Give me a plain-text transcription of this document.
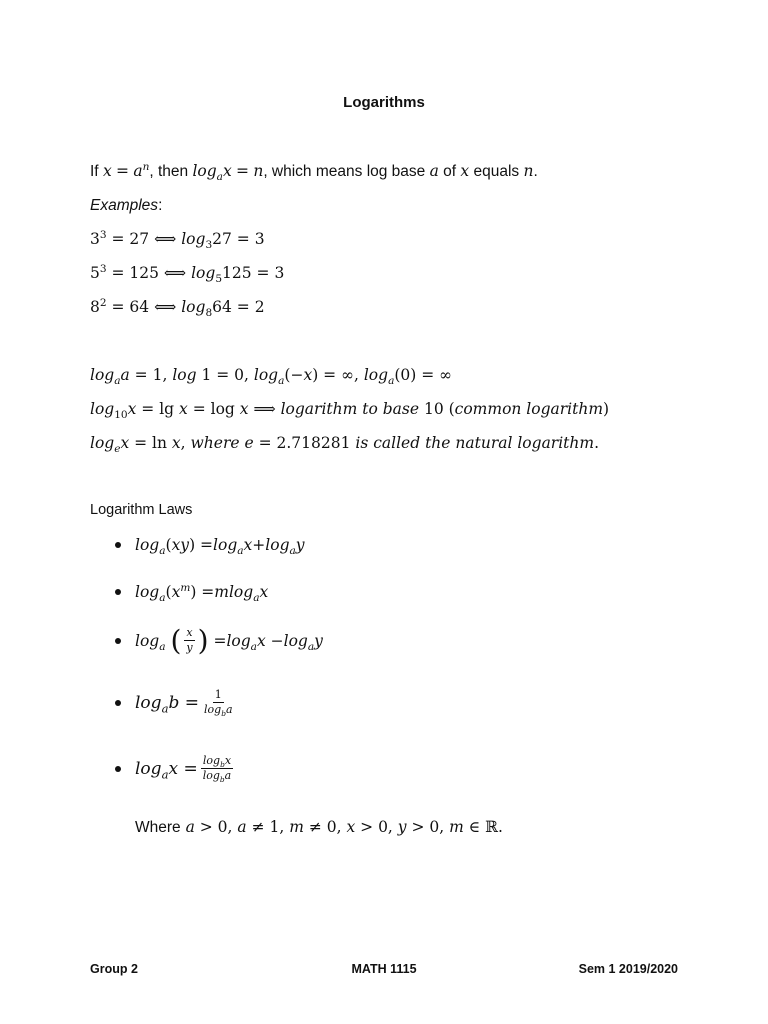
Logarithms
If $x = a^n$, then $\log_ax = n$, which means log base a of x equals n.
Examples:
$3^3 = 27$ ⟺ $\log_327 = 3$
$5^3 = 125$ ⟺ $\log_5125 = 3$
$8^2 = 64$ ⟺ $\log_864 = 2$
$\log_aa = 1$, log 1 = 0, $\log_a(-x)$ = ∞, $\log_a(0)$ = ∞
$\log_{10}x = \lg x = \log x$ ⟹ logarithm to base 10 (common logarithm)
$\log_ex = \ln x$, where e = 2.718281 is called the natural logarithm.
Logarithm Laws
$\log_a$ ( xy ) = $\log_ax + \log_ay$
$\log_a$ ( $x^m$ ) = mlog$_a$x
$\log_a$
( $\frac{x}{y}$ ) = $\log_ax - \log_ay$
$\log_ab = \frac{1}{\log_ba}$
$\log_ax = \frac{\log_bx}{\log_ba}$
Where a > 0, a ≠ 1, m ≠ 0, x > 0, y > 0, m ∈ ℝ.
Group 2	MATH 1115	Sem 1 2019/2020
